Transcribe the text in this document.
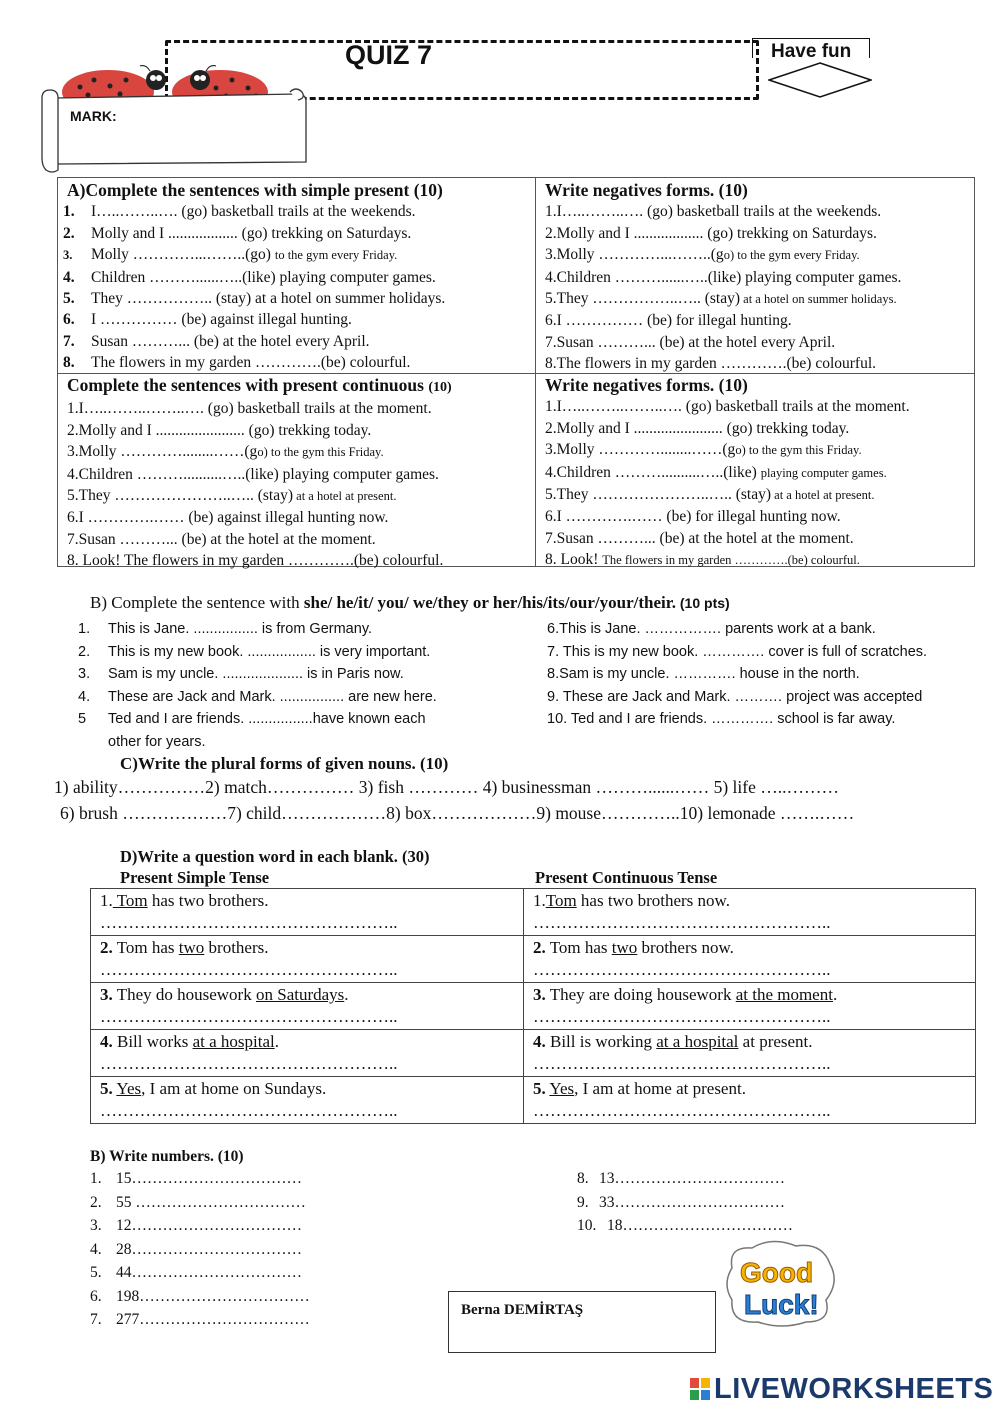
QUIZ 7	Have fun
MARK:
A)Complete the sentences with simple present (10)
1. I…..……..…. (go) basketball trails at the weekends.
2. Molly and I .................. (go) trekking on Saturdays.
3. Molly …………...……..(go) to the gym every Friday.
4. Children ………......…..(like) playing computer games.
5. They …………….. (stay) at a hotel on summer holidays.
6. I …………… (be) against illegal hunting.
7. Susan ………... (be) at the hotel every April.
8. The flowers in my garden ………….(be) colourful.
Write negatives forms. (10)
1.I…..……..…. (go) basketball trails at the weekends.
2.Molly and I .................. (go) trekking on Saturdays.
3.Molly …………...……..(go) to the gym every Friday.
4.Children ………......…..(like) playing computer games.
5.They ……………..….. (stay) at a hotel on summer holidays.
6.I …………… (be) for illegal hunting.
7.Susan ………... (be) at the hotel every April.
8.The flowers in my garden ………….(be) colourful.
Complete the sentences with present continuous (10)
1.I…..……..……..…. (go) basketball trails at the moment.
2.Molly and I ....................... (go) trekking today.
3.Molly …………........……(go) to the gym this Friday.
4.Children ………..........…..(like) playing computer games.
5.They …………………..….. (stay) at a hotel at present.
6.I ………….…… (be) against illegal hunting now.
7.Susan ………... (be) at the hotel at the moment.
8. Look! The flowers in my garden ………….(be) colourful.
Write negatives forms. (10)
1.I…..……..……..…. (go) basketball trails at the moment.
2.Molly and I ....................... (go) trekking today.
3.Molly …………........……(go) to the gym this Friday.
4.Children ………..........…..(like) playing computer games.
5.They …………………..….. (stay) at a hotel at present.
6.I ………….…… (be) for illegal hunting now.
7.Susan ………... (be) at the hotel at the moment.
8. Look! The flowers in my garden ………….(be) colourful.
B) Complete the sentence with she/ he/it/ you/ we/they or her/his/its/our/your/their. (10 pts)
1. This is Jane. ................ is from Germany.
2. This is my new book. ................. is very important.
3. Sam is my uncle. .................... is in Paris now.
4. These are Jack and Mark. ................ are new here.
5 Ted and I are friends. ................have known each
other for years.
6.This is Jane. ……………. parents work at a bank.
7. This is my new book. …………. cover is full of scratches.
8.Sam is my uncle. …………. house in the north.
9. These are Jack and Mark. ………. project was accepted
10. Ted and I are friends. …………. school is far away.
C)Write the plural forms of given nouns. (10)
1) ability……………2) match…………… 3) fish ………… 4) businessman ………......…… 5) life …..………
6) brush ………………7) child………………8) box………………9) mouse…………..10) lemonade …….……
D)Write a question word in each blank. (30)
Present Simple Tense	Present Continuous Tense
1. Tom has two brothers.
……………………………………………..
1.Tom has two brothers now.
……………………………………………..
2. Tom has two brothers.
……………………………………………..
2. Tom has two brothers now.
……………………………………………..
3. They do housework on Saturdays.
……………………………………………..
3. They are doing housework at the moment.
……………………………………………..
4. Bill works at a hospital.
……………………………………………..
4. Bill is working at a hospital at present.
……………………………………………..
5. Yes, I am at home on Sundays.
……………………………………………..
5. Yes, I am at home at present.
……………………………………………..
B) Write numbers. (10)
1. 15……………………………
2. 55 ……………………………
3. 12……………………………
4. 28……………………………
5. 44……………………………
6. 198……………………………
7. 277……………………………
8. 13……………………………
9. 33……………………………
10. 18……………………………
Berna DEMİRTAŞ
Good
Luck!
LIVEWORKSHEETS
